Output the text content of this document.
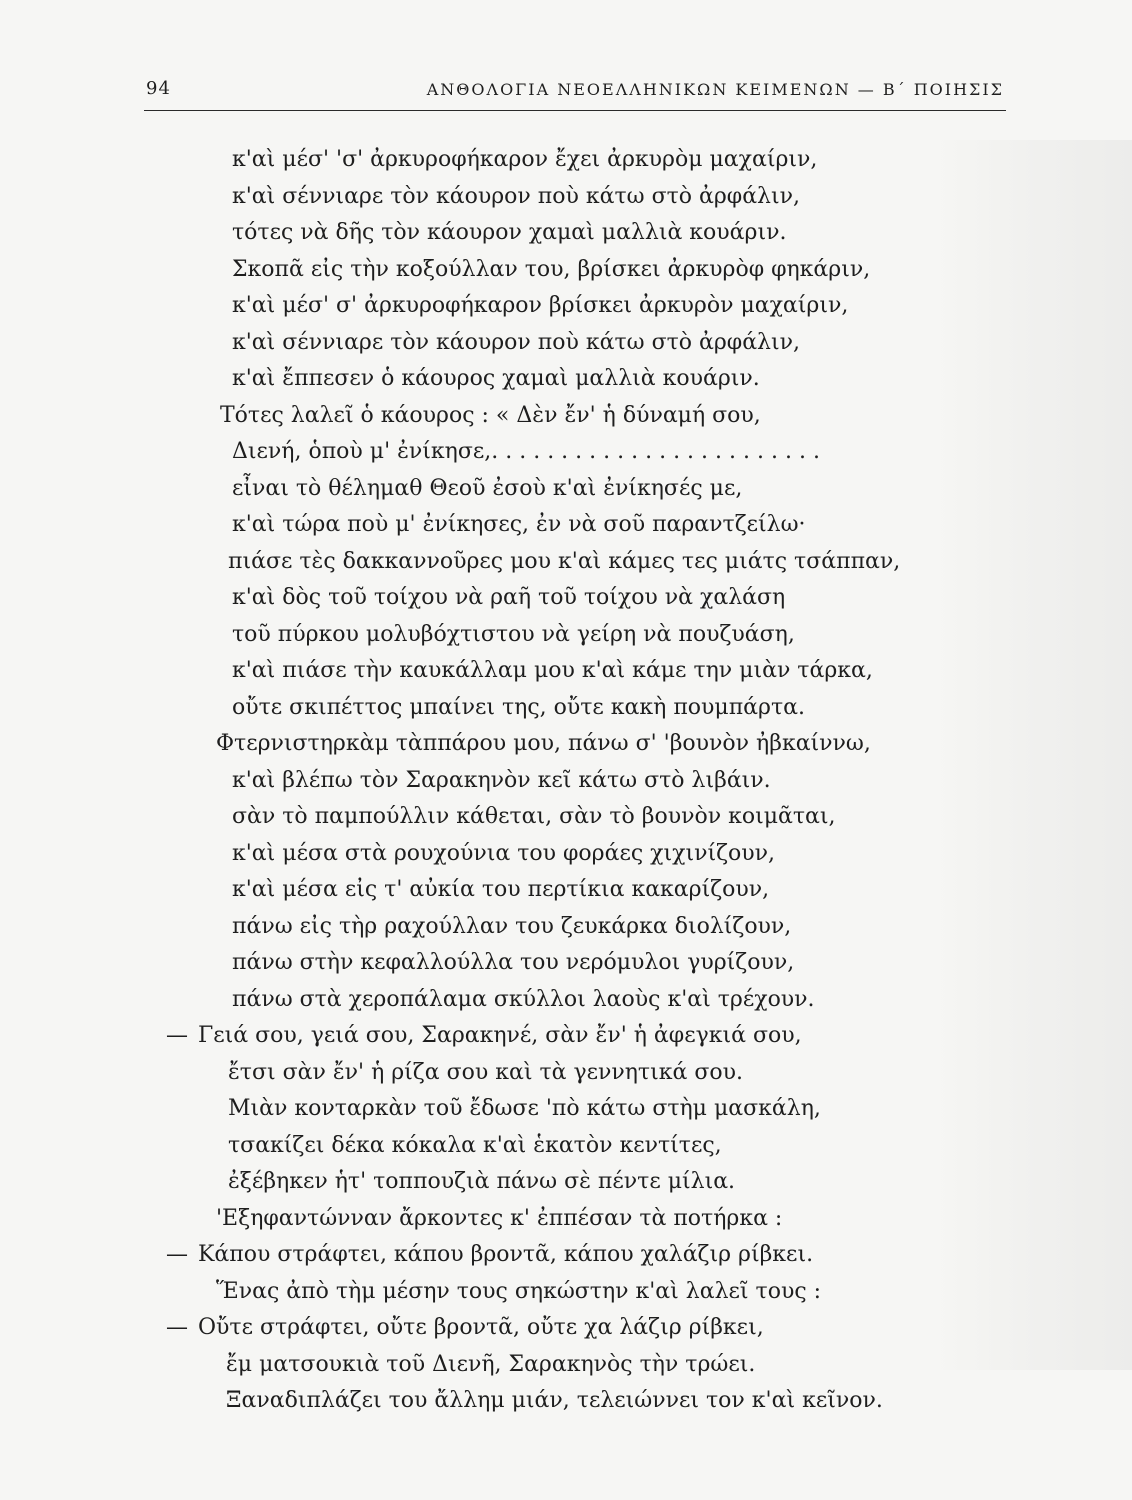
94	ΑΝΘΟΛΟΓΙΑ ΝΕΟΕΛΛΗΝΙΚΩΝ ΚΕΙΜΕΝΩΝ — Β΄ ΠΟΙΗΣΙΣ
κ'αὶ μέσ' 'σ' ἀρκυροφήκαρον ἔχει ἀρκυρὸμ μαχαίριν,
κ'αὶ σέννιαρε τὸν κάουρον ποὺ κάτω στὸ ἀρφάλιν,
τότες νὰ δῆς τὸν κάουρον χαμαὶ μαλλιὰ κουάριν.
Σκοπᾶ εἰς τὴν κοξούλλαν του, βρίσκει ἀρκυρὸφ φηκάριν,
κ'αὶ μέσ' σ' ἀρκυροφήκαρον βρίσκει ἀρκυρὸν μαχαίριν,
κ'αὶ σέννιαρε τὸν κάουρον ποὺ κάτω στὸ ἀρφάλιν,
κ'αὶ ἔππεσεν ὁ κάουρος χαμαὶ μαλλιὰ κουάριν.
Τότες λαλεῖ ὁ κάουρος : « Δὲν ἔν' ἡ δύναμή σου,
Διενή, ὁποὺ μ' ἐνίκησε,. . . . . . . . . . . . . . . . . . . . . . . .
εἶναι τὸ θέλημαθ Θεοῦ ἐσοὺ κ'αὶ ἐνίκησές με,
κ'αὶ τώρα ποὺ μ' ἐνίκησες, ἐν νὰ σοῦ παραντζείλω·
πιάσε τὲς δακκαννοῦρες μου κ'αὶ κάμες τες μιάτς τσάππαν,
κ'αὶ δὸς τοῦ τοίχου νὰ ραῆ τοῦ τοίχου νὰ χαλάση
τοῦ πύρκου μολυβόχτιστου νὰ γείρη νὰ πουζυάση,
κ'αὶ πιάσε τὴν καυκάλλαμ μου κ'αὶ κάμε την μιὰν τάρκα,
οὔτε σκιπέττος μπαίνει της, οὔτε κακὴ πουμπάρτα.
Φτερνιστηρκὰμ τὰππάρου μου, πάνω σ' 'βουνὸν ἠβκαίννω,
κ'αὶ βλέπω τὸν Σαρακηνὸν κεῖ κάτω στὸ λιβάιν.
σὰν τὸ παμπούλλιν κάθεται, σὰν τὸ βουνὸν κοιμᾶται,
κ'αὶ μέσα στὰ ρουχούνια του φοράες χιχινίζουν,
κ'αὶ μέσα εἰς τ' αὐκία του περτίκια κακαρίζουν,
πάνω εἰς τὴρ ραχούλλαν του ζευκάρκα διολίζουν,
πάνω στὴν κεφαλλούλλα του νερόμυλοι γυρίζουν,
πάνω στὰ χεροπάλαμα σκύλλοι λαοὺς κ'αὶ τρέχουν.
— Γειά σου, γειά σου, Σαρακηνέ, σὰν ἔν' ἡ ἀφεγκιά σου,
ἔτσι σὰν ἔν' ἡ ρίζα σου καὶ τὰ γεννητικά σου.
Μιὰν κονταρκὰν τοῦ ἔδωσε 'πὸ κάτω στὴμ μασκάλη,
τσακίζει δέκα κόκαλα κ'αὶ ἑκατὸν κεντίτες,
ἐξέβηκεν ἡτ' τοππουζιὰ πάνω σὲ πέντε μίλια.
'Εξηφαντώνναν ἄρκοντες κ' ἐππέσαν τὰ ποτήρκα :
— Κάπου στράφτει, κάπου βροντᾶ, κάπου χαλάζιρ ρίβκει.
Ἕνας ἀπὸ τὴμ μέσην τους σηκώστην κ'αὶ λαλεῖ τους :
— Οὔτε στράφτει, οὔτε βροντᾶ, οὔτε χα λάζιρ ρίβκει,
ἔμ ματσουκιὰ τοῦ Διενῆ, Σαρακηνὸς τὴν τρώει.
Ξαναδιπλάζει του ἄλλημ μιάν, τελειώννει τον κ'αὶ κεῖνον.
